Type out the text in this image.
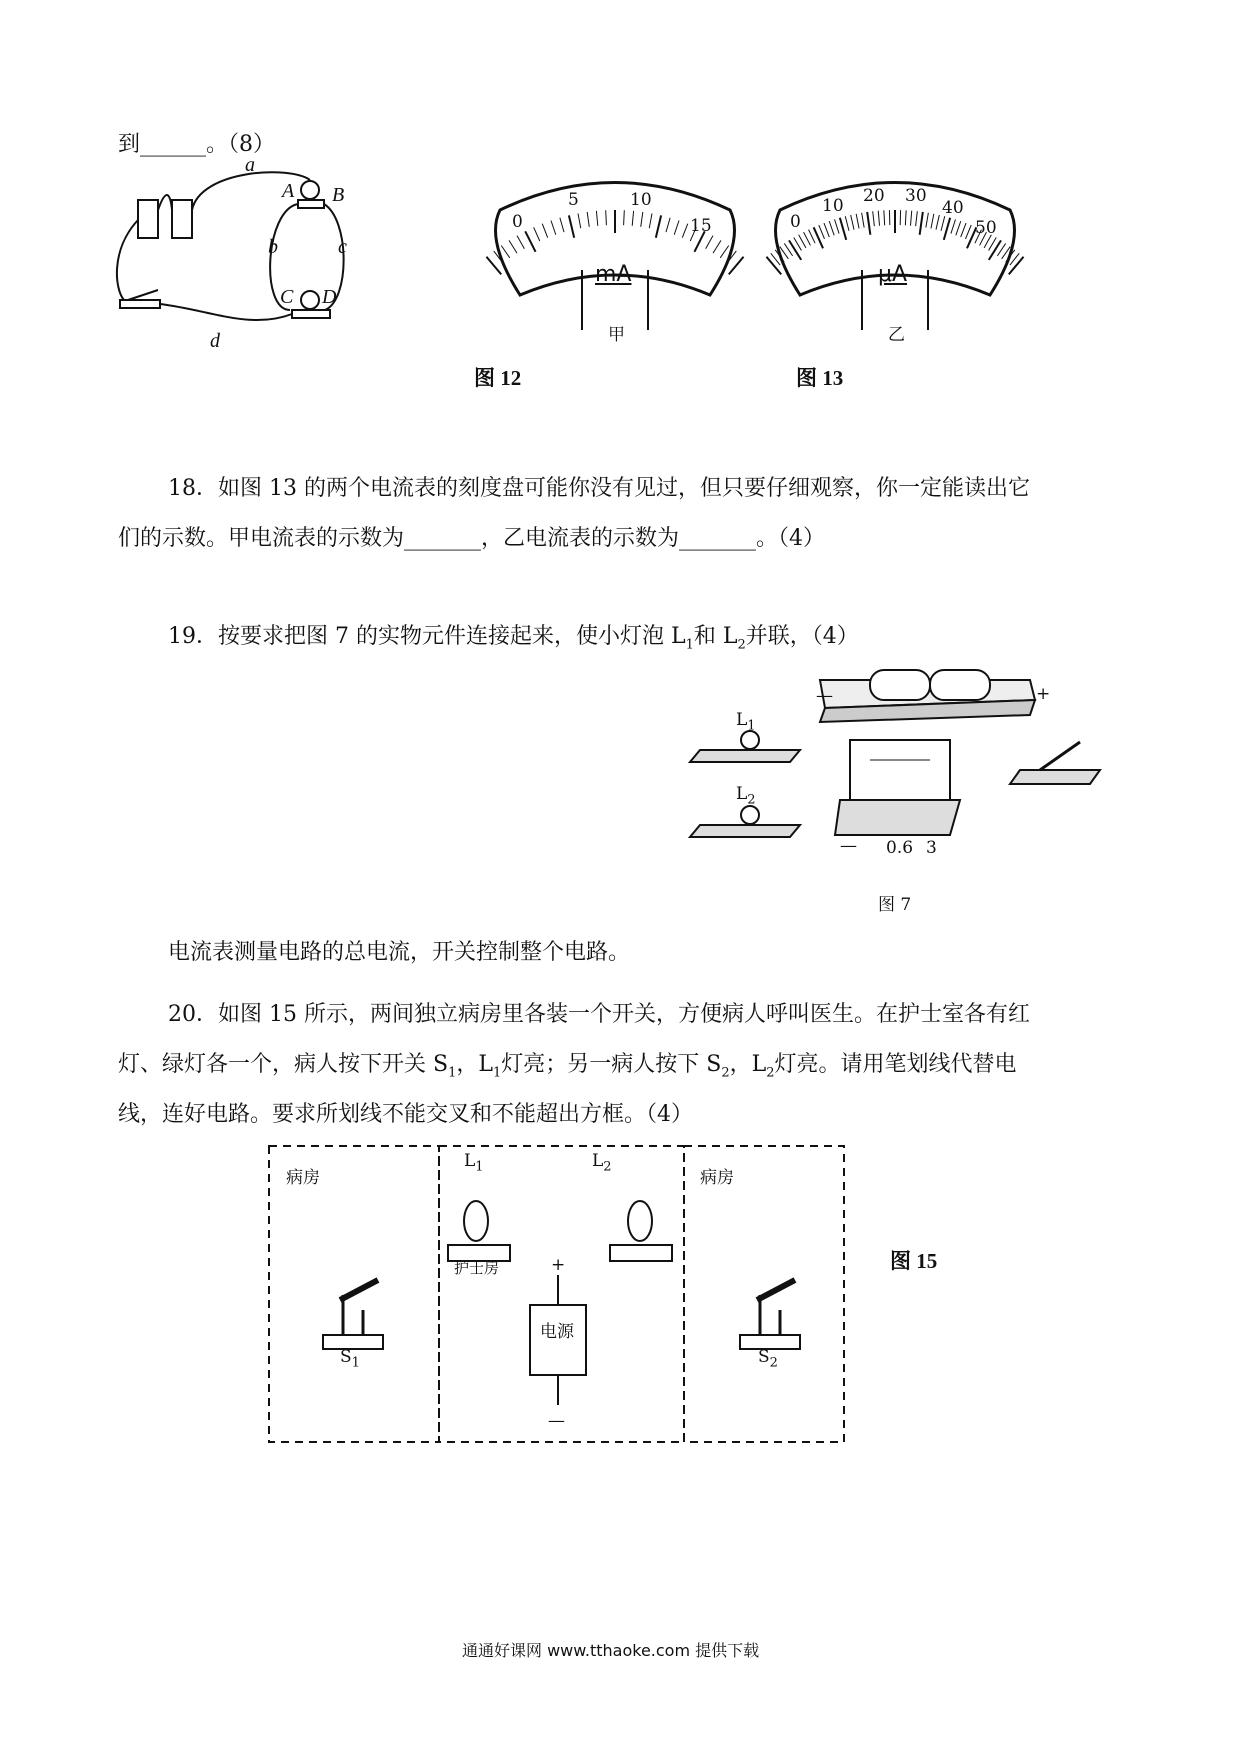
到______。（8）
a
A B
b	c
C D
d
mA
甲
0
5	10
15
μA
乙
0
10 20 30
40
50
图 12	图 13
18．如图 13 的两个电流表的刻度盘可能你没有见过，但只要仔细观察，你一定能读出它
们的示数。甲电流表的示数为_______，乙电流表的示数为_______。（4）
19．按要求把图 7 的实物元件连接起来，使小灯泡 $L_1$和 $L_2$并联，（4）
—	+
$L_1$
$L_2$
— 0.6 3
图 7
电流表测量电路的总电流，开关控制整个电路。
20．如图 15 所示，两间独立病房里各装一个开关，方便病人呼叫医生。在护士室各有红
灯、绿灯各一个，病人按下开关 $S_1$，$L_1$灯亮；另一病人按下 $S_2$，$L_2$灯亮。请用笔划线代替电
线，连好电路。要求所划线不能交叉和不能超出方框。（4）
病房	病房
护士房
$L_1$	$L_2$
+
电源
—
$S_1$	$S_2$
图 15
通通好课网 www.tthaoke.com 提供下载
